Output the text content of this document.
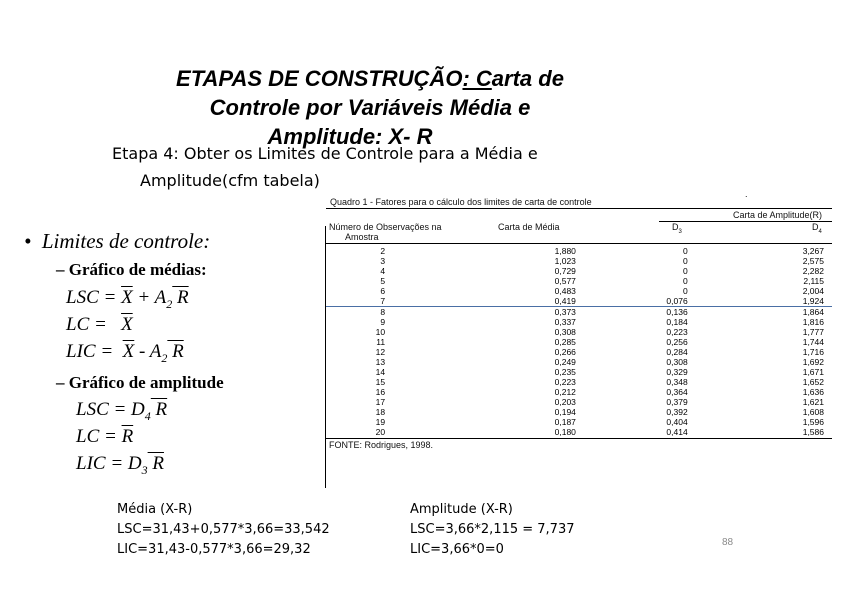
ETAPAS DE CONSTRUÇÃO: Carta de
Controle por Variáveis Média e
Amplitude: X- R
Etapa 4: Obter os Limites de Controle para a Média e
Amplitude(cfm tabela)
• Limites de controle:
– Gráfico de médias:
LSC = $\overline{X} + A_2$ R
LC =   $\overline{X}$
LIC =  $\overline{X} - A_2$ R
– Gráfico de amplitude
LSC = $D_4$ R
LC = $\overline{R}$
LIC = $D_3$ R
Quadro 1 - Fatores para o cálculo dos limites de carta de controle
.
Carta de Amplitude(R)
Número de Observações na
Amostra
Carta de Média	$D_3$	$D_4$
2	1,880	0	3,267
3	1,023	0	2,575
4	0,729	0	2,282
5	0,577	0	2,115
6	0,483	0	2,004
7	0,419	0,076	1,924
8	0,373	0,136	1,864
9	0,337	0,184	1,816
10	0,308	0,223	1,777
11	0,285	0,256	1,744
12	0,266	0,284	1,716
13	0,249	0,308	1,692
14	0,235	0,329	1,671
15	0,223	0,348	1,652
16	0,212	0,364	1,636
17	0,203	0,379	1,621
18	0,194	0,392	1,608
19	0,187	0,404	1,596
20	0,180	0,414	1,586
FONTE: Rodrigues, 1998.
Média (X-R)
LSC=31,43+0,577*3,66=33,542
LIC=31,43-0,577*3,66=29,32
Amplitude (X-R)
LSC=3,66*2,115 = 7,737
LIC=3,66*0=0	88
